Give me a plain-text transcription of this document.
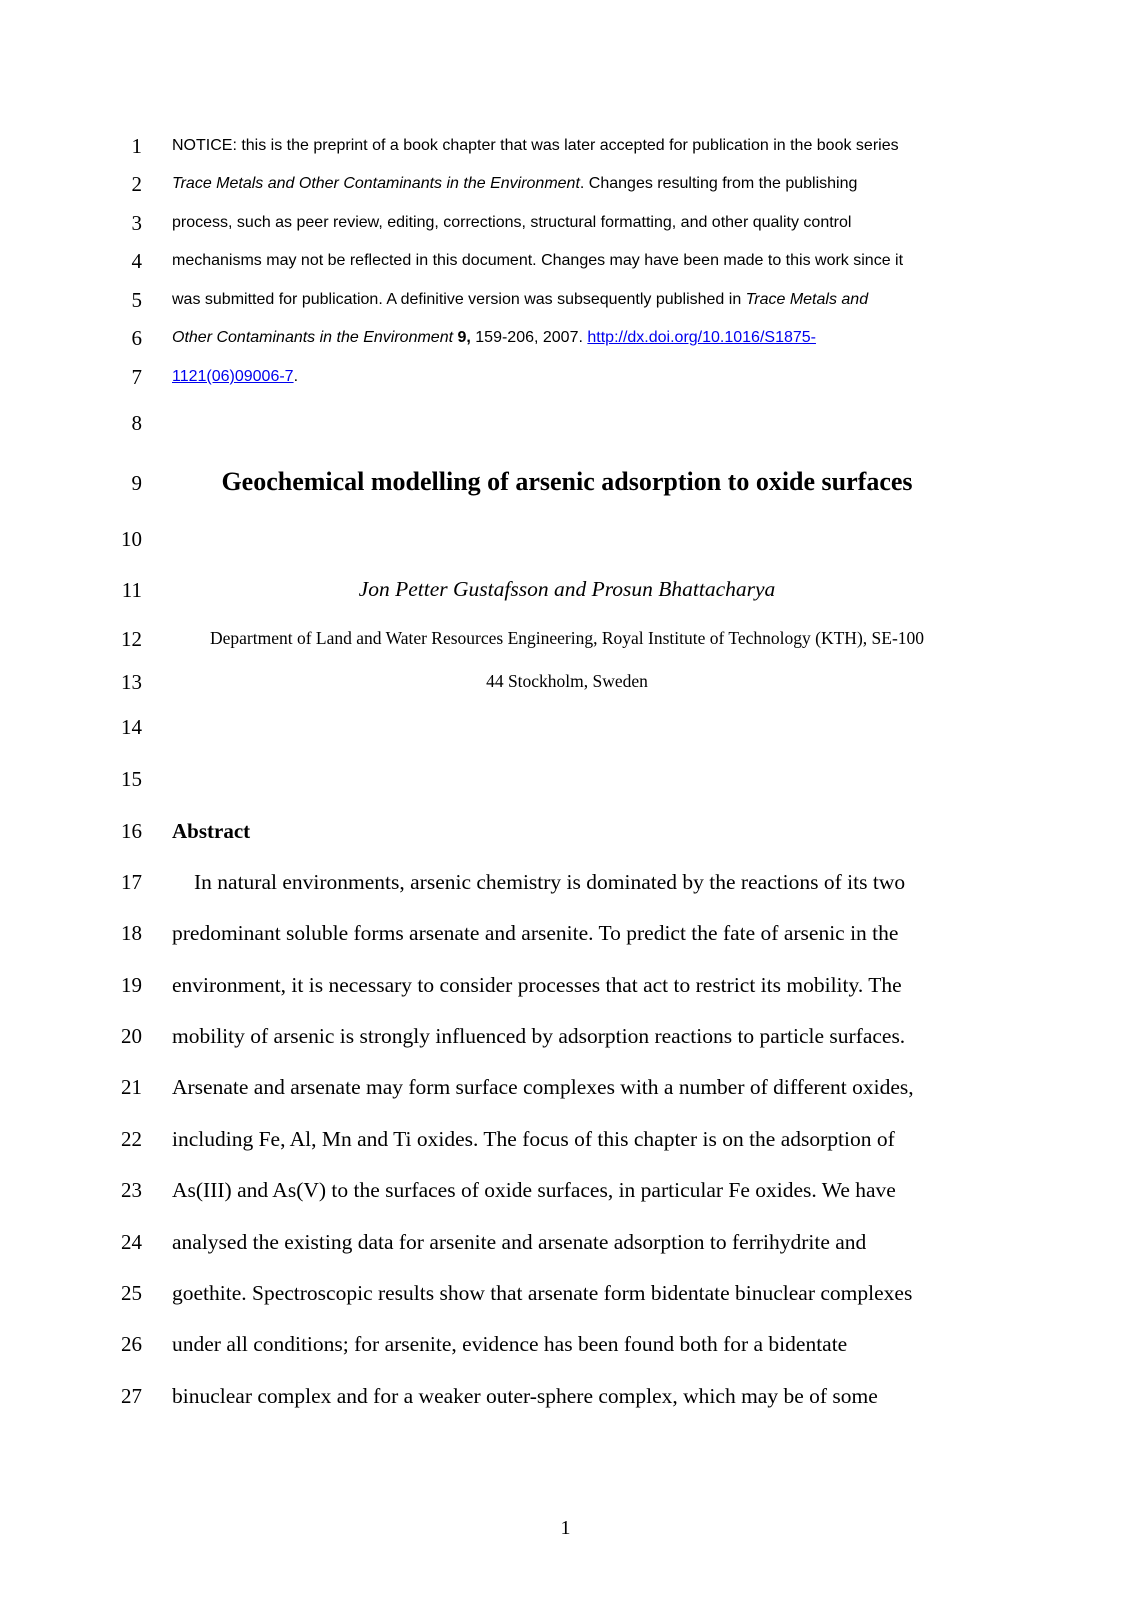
1
2
3
4
5
6
7
8
9
10
11
12
13
14
15
16
17
18
19
20
21
22
23
24
25
26
27
NOTICE: this is the preprint of a book chapter that was later accepted for publication in the book series
Trace Metals and Other Contaminants in the Environment. Changes resulting from the publishing
process, such as peer review, editing, corrections, structural formatting, and other quality control
mechanisms may not be reflected in this document. Changes may have been made to this work since it
was submitted for publication. A definitive version was subsequently published in Trace Metals and
Other Contaminants in the Environment 9, 159-206, 2007. http://dx.doi.org/10.1016/S1875-
1121(06)09006-7.
Geochemical modelling of arsenic adsorption to oxide surfaces
Jon Petter Gustafsson and Prosun Bhattacharya
Department of Land and Water Resources Engineering, Royal Institute of Technology (KTH), SE-100
44 Stockholm, Sweden
Abstract
In natural environments, arsenic chemistry is dominated by the reactions of its two
predominant soluble forms arsenate and arsenite. To predict the fate of arsenic in the
environment, it is necessary to consider processes that act to restrict its mobility. The
mobility of arsenic is strongly influenced by adsorption reactions to particle surfaces.
Arsenate and arsenate may form surface complexes with a number of different oxides,
including Fe, Al, Mn and Ti oxides. The focus of this chapter is on the adsorption of
As(III) and As(V) to the surfaces of oxide surfaces, in particular Fe oxides. We have
analysed the existing data for arsenite and arsenate adsorption to ferrihydrite and
goethite. Spectroscopic results show that arsenate form bidentate binuclear complexes
under all conditions; for arsenite, evidence has been found both for a bidentate
binuclear complex and for a weaker outer-sphere complex, which may be of some
1
